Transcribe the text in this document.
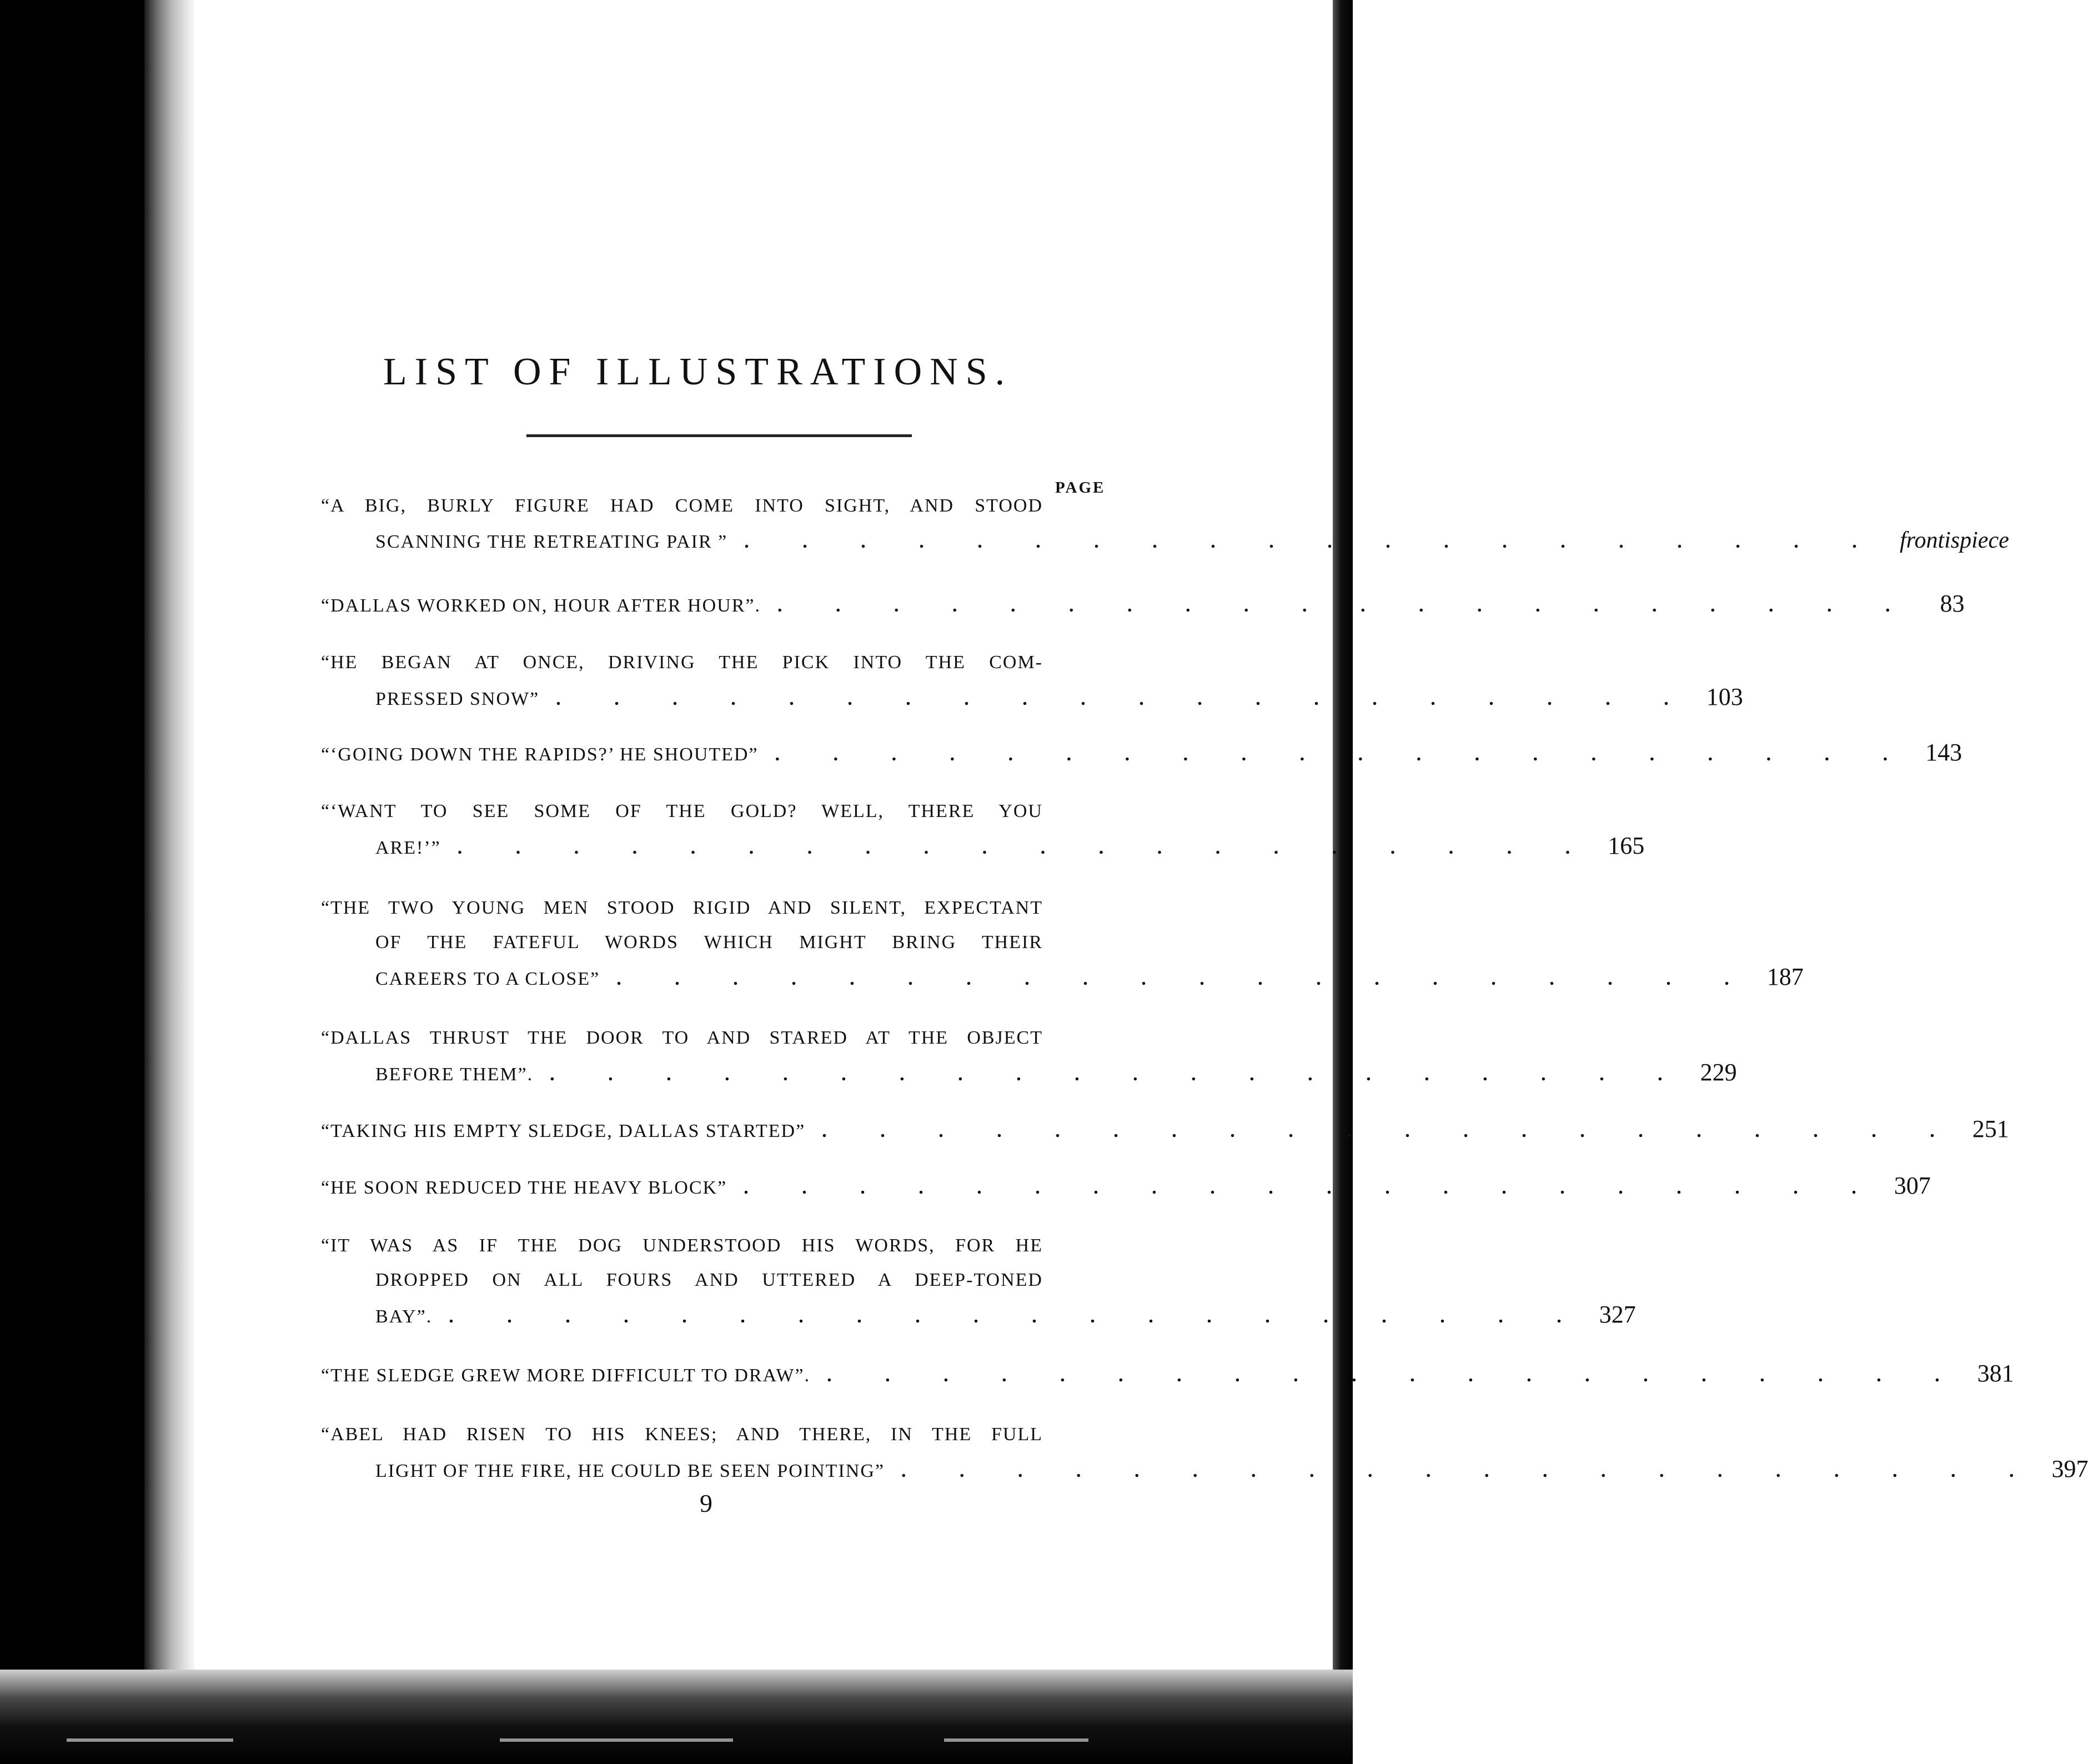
LIST OF ILLUSTRATIONS.
PAGE
“A BIG, BURLY FIGURE HAD COME INTO SIGHT, AND STOOD
SCANNING THE RETREATING PAIR ” . . . . . . . . . . . . . . . . . . . . frontispiece
“DALLAS WORKED ON, HOUR AFTER HOUR”. . . . . . . . . . . . . . . . . . . . .	83
“HE BEGAN AT ONCE, DRIVING THE PICK INTO THE COM-
PRESSED SNOW” . . . . . . . . . . . . . . . . . . . . 103
“‘GOING DOWN THE RAPIDS?’ HE SHOUTED” . . . . . . . . . . . . . . . . . . . . 143
“‘WANT TO SEE SOME OF THE GOLD? WELL, THERE YOU
ARE!’” . . . . . . . . . . . . . . . . . . . . 165
“THE TWO YOUNG MEN STOOD RIGID AND SILENT, EXPECTANT
OF THE FATEFUL WORDS WHICH MIGHT BRING THEIR
CAREERS TO A CLOSE” . . . . . . . . . . . . . . . . . . . . 187
“DALLAS THRUST THE DOOR TO AND STARED AT THE OBJECT
BEFORE THEM”. . . . . . . . . . . . . . . . . . . . . 229
“TAKING HIS EMPTY SLEDGE, DALLAS STARTED” . . . . . . . . . . . . . . . . . . . . 251
“HE SOON REDUCED THE HEAVY BLOCK” . . . . . . . . . . . . . . . . . . . . 307
“IT WAS AS IF THE DOG UNDERSTOOD HIS WORDS, FOR HE
DROPPED ON ALL FOURS AND UTTERED A DEEP-TONED
BAY”. . . . . . . . . . . . . . . . . . . . . 327
“THE SLEDGE GREW MORE DIFFICULT TO DRAW”. . . . . . . . . . . . . . . . . . . . . 381
“ABEL HAD RISEN TO HIS KNEES; AND THERE, IN THE FULL
LIGHT OF THE FIRE, HE COULD BE SEEN POINTING” . . . . . . . . . . . . . . . . . . . . 397
9
